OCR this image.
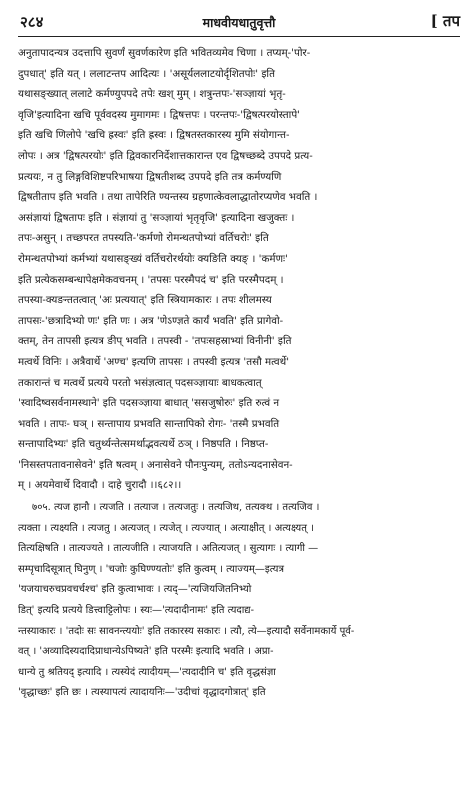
२८४	माधवीयधातुवृत्तौ	[ तप

अनुतापादन्यत्र उदत्तापि सुवर्णं सुवर्णकारेण इति भवितव्यमेव चिणा । तप्यम्-'पोर-

दुपधात्' इति यत् । ललाटन्तप आदित्यः । 'असूर्यललाटयोर्दृशितपोः' इति

यथासङ्ख्यात् ललाटे कर्मण्युपपदे तपेः खश् मुम् । शत्रुन्तपः-'सञ्ज्ञायां भृतृ-

वृजि'इत्यादिना खचि पूर्ववदस्य मुमागमः । द्विषत्तपः । परन्तपः-'द्विषत्परयोस्तापे'

इति खचि णिलोपे 'खचि ह्रस्वः' इति ह्रस्वः । द्विषतस्तकारस्य मुमि संयोगान्त-

लोपः । अत्र 'द्विषत्परयोः' इति द्विवकारनिर्देशात्तकारान्त एव द्विषच्छब्दे उपपदे प्रत्य-

प्रत्ययः, न तु लिङ्गविशिष्टपरिभाषया द्विषतीशब्द उपपदे इति तत्र कर्मण्यणि

द्विषतीताप इति भवति । तथा तापेरिति ण्यन्तस्य ग्रहणात्केवलाद्धातोरप्यणेव भवति ।

असंज्ञायां द्विषतापः इति । संज्ञायां तु 'सञ्ज्ञायां भृतृवृजि' इत्यादिना खजुक्तः ।

तपः-असुन् । तच्छपरत तपस्यति-'कर्मणो रोमन्थतपोभ्यां वर्तिचरोः' इति

रोमन्थतपोभ्यां कर्मभ्यां यथासङ्ख्यं वर्तिचरोरर्थयोः क्यङिति क्यङ् । 'कर्मणः'

इति प्रत्येकसम्बन्धापेक्षमेकवचनम् । 'तपसः परस्मैपदं च' इति परस्मैपदम् ।

तपस्या-क्यङन्ततत्वात् 'अः प्रत्ययात्' इति स्त्रियामकारः । तपः शीलमस्य

तापसः-'छत्रादिभ्यो णः' इति णः । अत्र 'णेऽण्ज्ञते कार्यं भवति' इति प्रागेवो-

क्तम्, तेन तापसी इत्यत्र ङीप् भवति । तपस्वी - 'तपःसहस्राभ्यां विनीनी' इति

मत्वर्थे विनिः । अत्रैवार्थे 'अण्च' इत्यणि तापसः । तपस्वी इत्यत्र 'तसौ मत्वर्थे'

तकारान्तं च मत्वर्थे प्रत्यये परतो भसंज्ञत्वात् पदसञ्ज्ञायाः बाधकत्वात्

'स्वादिष्वसर्वनामस्थाने' इति पदसञ्ज्ञाया बाधात् 'ससजुषोरुः' इति रुत्वं न

भवति । तापः- घञ् । सन्तापाय प्रभवति सान्तापिको रोगः- 'तस्मै प्रभवति

सन्तापादिभ्यः' इति चतुर्थ्यन्तेत्समर्थाद्भवत्यर्थे ठञ् । निष्ठपति । निष्ठप्त-

'निसस्तपतावनासेवने' इति षत्वम् । अनासेवने पौनःपुन्यम्, ततोऽन्यदनासेवन-

म् । अयमेवार्थे दिवादौ । दाहे चुरादौ ।।६८२।।

७०५. त्यज हानौ । त्यजति । तत्याज । तत्यजतुः । तत्यजिथ, तत्यक्थ । तत्यजिव ।

त्यक्ता । त्यक्ष्यति । त्यजतु । अत्यजत् । त्यजेत् । त्यज्यात् । अत्याक्षीत् । अत्यक्ष्यत् ।

तित्यक्षिषति । तात्यज्यते । तात्यजीति । त्याजयति । अतित्यजत् । सुत्यागः । त्यागी —

सम्पृचादिसूत्रात् घिनुण् । 'चजोः कुघिण्ण्यतोः' इति कुत्वम् । त्याज्यम्—इत्यत्र

'यजयाचरुचप्रवचर्चश्च' इति कुत्वाभावः । त्यद्—'त्यजियजितनिभ्यो

डित्' इत्यदि प्रत्यये डित्त्वाट्टिलोपः । स्यः—'त्यदादीनामः' इति त्यदाद्य-

न्तस्याकारः । 'तदोः सः सावनन्त्ययोः' इति तकारस्य सकारः । त्यौ, त्ये—इत्यादौ सर्वेनामकार्ये पूर्व-

वत् । 'अव्यादिस्यदादिप्राधान्येऽपिष्यते' इति परस्मैः इत्यादि भवति । अप्रा-

धान्ये तु श्रतियद् इत्यादि । त्यस्येदं त्यादीयम्—'त्यदादीनि च' इति वृद्धसंज्ञा

'वृद्धाच्छः' इति छः । त्यस्यापत्यं त्यादायनिः—'उदीचां वृद्धादगोत्रात्' इति
